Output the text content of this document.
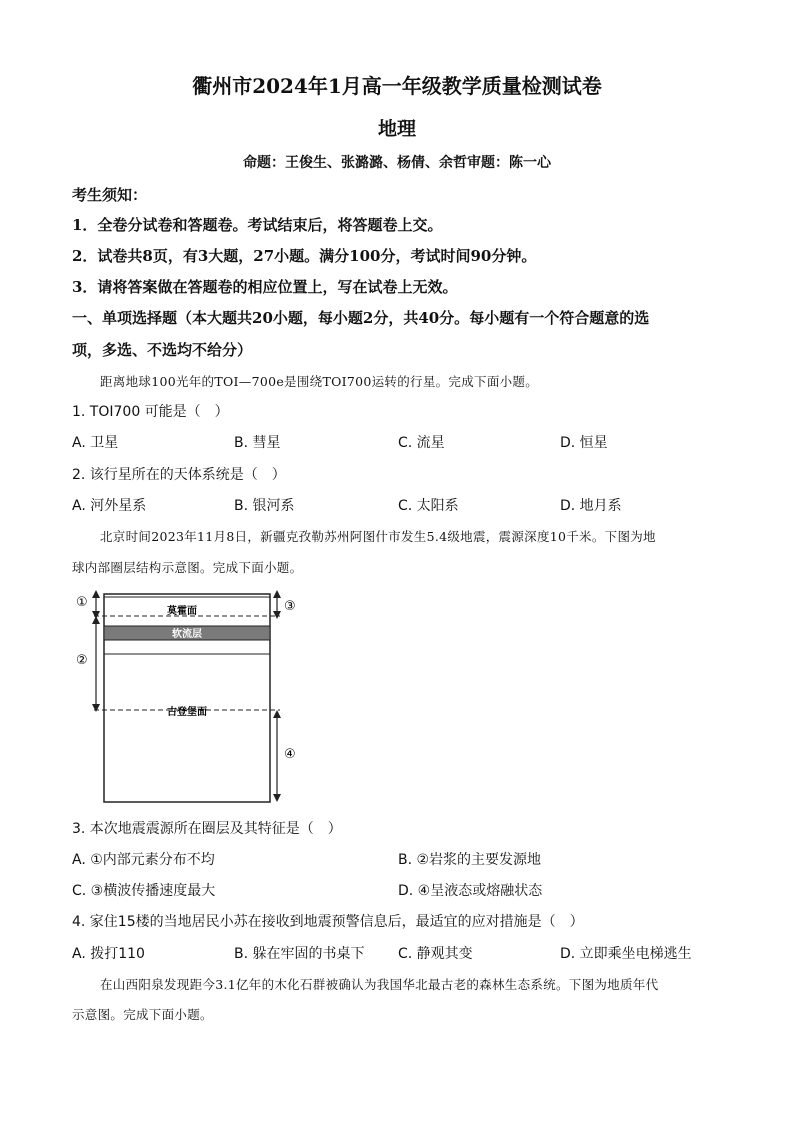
衢州市2024年1月高一年级教学质量检测试卷
地理
命题：王俊生、张潞潞、杨倩、余哲审题：陈一心
考生须知：
1．全卷分试卷和答题卷。考试结束后，将答题卷上交。
2．试卷共8页，有3大题，27小题。满分100分，考试时间90分钟。
3．请将答案做在答题卷的相应位置上，写在试卷上无效。
一、单项选择题（本大题共20小题，每小题2分，共40分。每小题有一个符合题意的选
项，多选、不选均不给分）
距离地球100光年的TOI—700e是围绕TOI700运转的行星。完成下面小题。
1. TOI700 可能是（　）
A. 卫星	B. 彗星	C. 流星	D. 恒星
2. 该行星所在的天体系统是（　）
A. 河外星系	B. 银河系	C. 太阳系	D. 地月系
北京时间2023年11月8日，新疆克孜勒苏州阿图什市发生5.4级地震，震源深度10千米。下图为地
球内部圈层结构示意图。完成下面小题。
莫霍面
软流层
古登堡面
①
②
③
④
3. 本次地震震源所在圈层及其特征是（　）
A. ①内部元素分布不均	B. ②岩浆的主要发源地
C. ③横波传播速度最大	D. ④呈液态或熔融状态
4. 家住15楼的当地居民小苏在接收到地震预警信息后，最适宜的应对措施是（　）
A. 拨打110	B. 躲在牢固的书桌下 C. 静观其变	D. 立即乘坐电梯逃生
在山西阳泉发现距今3.1亿年的木化石群被确认为我国华北最古老的森林生态系统。下图为地质年代
示意图。完成下面小题。
